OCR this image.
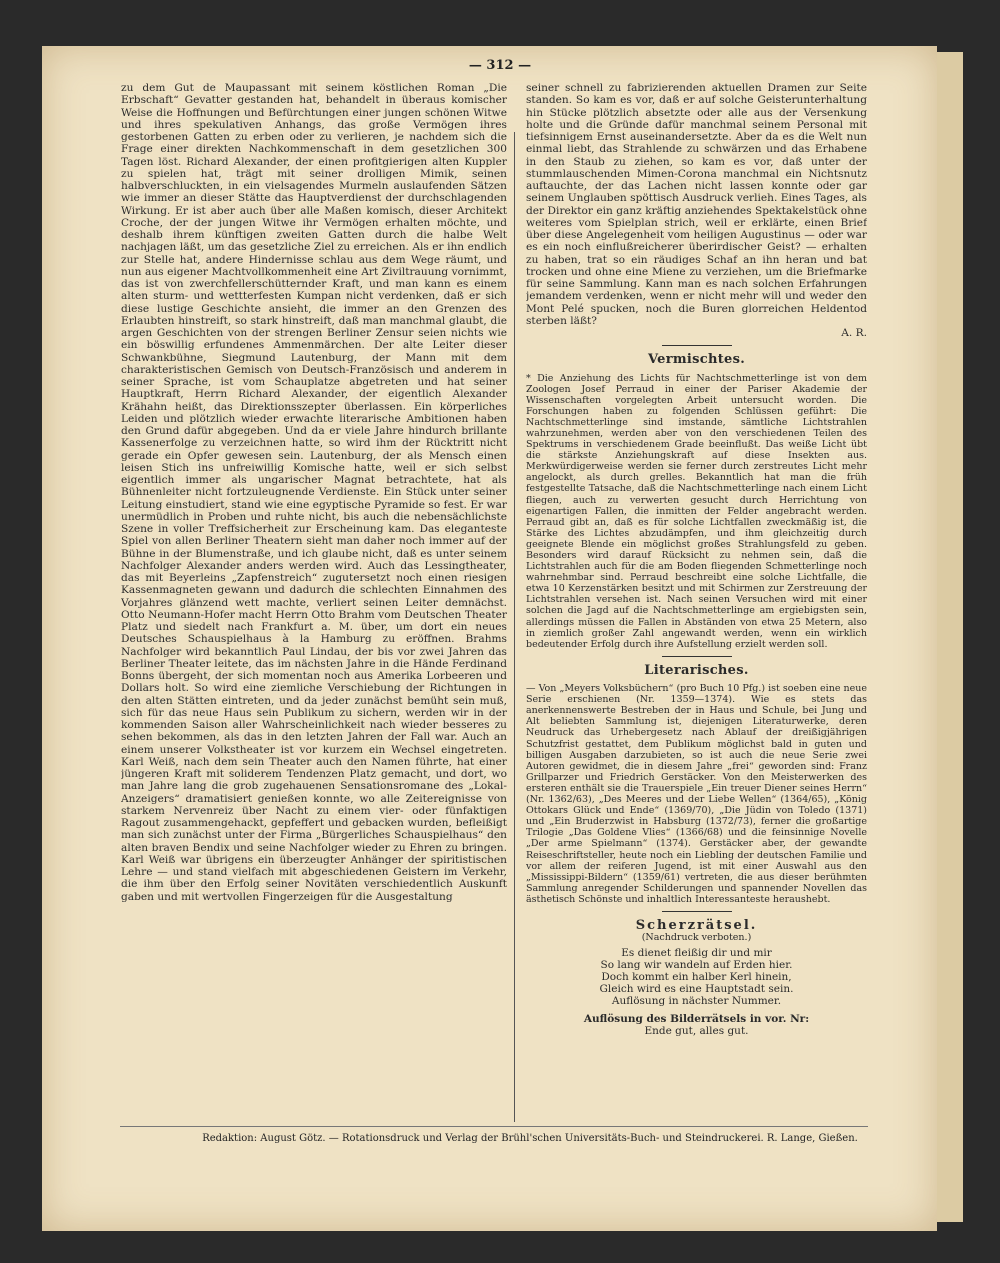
— 312 —

zu dem Gut de Maupassant mit seinem köstlichen Roman „Die Erbschaft“ Gevatter gestanden hat, behandelt in überaus komischer Weise die Hoffnungen und Befürchtungen einer jungen schönen Witwe und ihres spekulativen Anhangs, das große Vermögen ihres gestorbenen Gatten zu erben oder zu verlieren, je nachdem sich die Frage einer direkten Nachkommenschaft in dem gesetzlichen 300 Tagen löst. Richard Alexander, der einen profitgierigen alten Kuppler zu spielen hat, trägt mit seiner drolligen Mimik, seinen halbverschluckten, in ein vielsagendes Murmeln auslaufenden Sätzen wie immer an dieser Stätte das Hauptverdienst der durchschlagenden Wirkung. Er ist aber auch über alle Maßen komisch, dieser Architekt Croche, der der jungen Witwe ihr Vermögen erhalten möchte, und deshalb ihrem künftigen zweiten Gatten durch die halbe Welt nachjagen läßt, um das gesetzliche Ziel zu erreichen. Als er ihn endlich zur Stelle hat, andere Hindernisse schlau aus dem Wege räumt, und nun aus eigener Machtvollkommenheit eine Art Ziviltrauung vornimmt, das ist von zwerchfellerschütternder Kraft, und man kann es einem alten sturm- und wettterfesten Kumpan nicht verdenken, daß er sich diese lustige Geschichte ansieht, die immer an den Grenzen des Erlaubten hinstreift, so stark hinstreift, daß man manchmal glaubt, die argen Geschichten von der strengen Berliner Zensur seien nichts wie ein böswillig erfundenes Ammenmärchen. Der alte Leiter dieser Schwankbühne, Siegmund Lautenburg, der Mann mit dem charakteristischen Gemisch von Deutsch-Französisch und anderem in seiner Sprache, ist vom Schauplatze abgetreten und hat seiner Hauptkraft, Herrn Richard Alexander, der eigentlich Alexander Krähahn heißt, das Direktionsszepter überlassen. Ein körperliches Leiden und plötzlich wieder erwachte literarische Ambitionen haben den Grund dafür abgegeben. Und da er viele Jahre hindurch brillante Kassenerfolge zu verzeichnen hatte, so wird ihm der Rücktritt nicht gerade ein Opfer gewesen sein. Lautenburg, der als Mensch einen leisen Stich ins unfreiwillig Komische hatte, weil er sich selbst eigentlich immer als ungarischer Magnat betrachtete, hat als Bühnenleiter nicht fortzuleugnende Verdienste. Ein Stück unter seiner Leitung einstudiert, stand wie eine egyptische Pyramide so fest. Er war unermüdlich in Proben und ruhte nicht, bis auch die nebensächlichste Szene in voller Treffsicherheit zur Erscheinung kam. Das eleganteste Spiel von allen Berliner Theatern sieht man daher noch immer auf der Bühne in der Blumenstraße, und ich glaube nicht, daß es unter seinem Nachfolger Alexander anders werden wird. Auch das Lessingtheater, das mit Beyerleins „Zapfenstreich“ zugutersetzt noch einen riesigen Kassenmagneten gewann und dadurch die schlechten Einnahmen des Vorjahres glänzend wett machte, verliert seinen Leiter demnächst. Otto Neumann-Hofer macht Herrn Otto Brahm vom Deutschen Theater Platz und siedelt nach Frankfurt a. M. über, um dort ein neues Deutsches Schauspielhaus à la Hamburg zu eröffnen. Brahms Nachfolger wird bekanntlich Paul Lindau, der bis vor zwei Jahren das Berliner Theater leitete, das im nächsten Jahre in die Hände Ferdinand Bonns übergeht, der sich momentan noch aus Amerika Lorbeeren und Dollars holt. So wird eine ziemliche Verschiebung der Richtungen in den alten Stätten eintreten, und da jeder zunächst bemüht sein muß, sich für das neue Haus sein Publikum zu sichern, werden wir in der kommenden Saison aller Wahrscheinlichkeit nach wieder besseres zu sehen bekommen, als das in den letzten Jahren der Fall war. Auch an einem unserer Volkstheater ist vor kurzem ein Wechsel eingetreten. Karl Weiß, nach dem sein Theater auch den Namen führte, hat einer jüngeren Kraft mit soliderem Tendenzen Platz gemacht, und dort, wo man Jahre lang die grob zugehauenen Sensationsromane des „Lokal-Anzeigers“ dramatisiert genießen konnte, wo alle Zeitereignisse von starkem Nervenreiz über Nacht zu einem vier- oder fünfaktigen Ragout zusammengehackt, gepfeffert und gebacken wurden, befleißigt man sich zunächst unter der Firma „Bürgerliches Schauspielhaus“ den alten braven Bendix und seine Nachfolger wieder zu Ehren zu bringen. Karl Weiß war übrigens ein überzeugter Anhänger der spiritistischen Lehre — und stand vielfach mit abgeschiedenen Geistern im Verkehr, die ihm über den Erfolg seiner Novitäten verschiedentlich Auskunft gaben und mit wertvollen Fingerzeigen für die Ausgestaltung

seiner schnell zu fabrizierenden aktuellen Dramen zur Seite standen. So kam es vor, daß er auf solche Geisterunterhaltung hin Stücke plötzlich absetzte oder alle aus der Versenkung holte und die Gründe dafür manchmal seinem Personal mit tiefsinnigem Ernst auseinandersetzte. Aber da es die Welt nun einmal liebt, das Strahlende zu schwärzen und das Erhabene in den Staub zu ziehen, so kam es vor, daß unter der stummlauschenden Mimen-Corona manchmal ein Nichtsnutz auftauchte, der das Lachen nicht lassen konnte oder gar seinem Unglauben spöttisch Ausdruck verlieh. Eines Tages, als der Direktor ein ganz kräftig anziehendes Spektakelstück ohne weiteres vom Spielplan strich, weil er erklärte, einen Brief über diese Angelegenheit vom heiligen Augustinus — oder war es ein noch einflußreicherer überirdischer Geist? — erhalten zu haben, trat so ein räudiges Schaf an ihn heran und bat trocken und ohne eine Miene zu verziehen, um die Briefmarke für seine Sammlung. Kann man es nach solchen Erfahrungen jemandem verdenken, wenn er nicht mehr will und weder den Mont Pelé spucken, noch die Buren glorreichen Heldentod sterben läßt?

A. R.

Vermischtes.

* Die Anziehung des Lichts für Nachtschmetterlinge ist von dem Zoologen Josef Perraud in einer der Pariser Akademie der Wissenschaften vorgelegten Arbeit untersucht worden. Die Forschungen haben zu folgenden Schlüssen geführt: Die Nachtschmetterlinge sind imstande, sämtliche Lichtstrahlen wahrzunehmen, werden aber von den verschiedenen Teilen des Spektrums in verschiedenem Grade beeinflußt. Das weiße Licht übt die stärkste Anziehungskraft auf diese Insekten aus. Merkwürdigerweise werden sie ferner durch zerstreutes Licht mehr angelockt, als durch grelles. Bekanntlich hat man die früh festgestellte Tatsache, daß die Nachtschmetterlinge nach einem Licht fliegen, auch zu verwerten gesucht durch Herrichtung von eigenartigen Fallen, die inmitten der Felder angebracht werden. Perraud gibt an, daß es für solche Lichtfallen zweckmäßig ist, die Stärke des Lichtes abzudämpfen, und ihm gleichzeitig durch geeignete Blende ein möglichst großes Strahlungsfeld zu geben. Besonders wird darauf Rücksicht zu nehmen sein, daß die Lichtstrahlen auch für die am Boden fliegenden Schmetterlinge noch wahrnehmbar sind. Perraud beschreibt eine solche Lichtfalle, die etwa 10 Kerzenstärken besitzt und mit Schirmen zur Zerstreuung der Lichtstrahlen versehen ist. Nach seinen Versuchen wird mit einer solchen die Jagd auf die Nachtschmetterlinge am ergiebigsten sein, allerdings müssen die Fallen in Abständen von etwa 25 Metern, also in ziemlich großer Zahl angewandt werden, wenn ein wirklich bedeutender Erfolg durch ihre Aufstellung erzielt werden soll.

Literarisches.

— Von „Meyers Volksbüchern“ (pro Buch 10 Pfg.) ist soeben eine neue Serie erschienen (Nr. 1359—1374). Wie es stets das anerkennenswerte Bestreben der in Haus und Schule, bei Jung und Alt beliebten Sammlung ist, diejenigen Literaturwerke, deren Neudruck das Urhebergesetz nach Ablauf der dreißigjährigen Schutzfrist gestattet, dem Publikum möglichst bald in guten und billigen Ausgaben darzubieten, so ist auch die neue Serie zwei Autoren gewidmet, die in diesem Jahre „frei“ geworden sind: Franz Grillparzer und Friedrich Gerstäcker. Von den Meisterwerken des ersteren enthält sie die Trauerspiele „Ein treuer Diener seines Herrn“ (Nr. 1362/63), „Des Meeres und der Liebe Wellen“ (1364/65), „König Ottokars Glück und Ende“ (1369/70), „Die Jüdin von Toledo (1371) und „Ein Bruderzwist in Habsburg (1372/73), ferner die großartige Trilogie „Das Goldene Vlies“ (1366/68) und die feinsinnige Novelle „Der arme Spielmann“ (1374). Gerstäcker aber, der gewandte Reiseschriftsteller, heute noch ein Liebling der deutschen Familie und vor allem der reiferen Jugend, ist mit einer Auswahl aus den „Mississippi-Bildern“ (1359/61) vertreten, die aus dieser berühmten Sammlung anregender Schilderungen und spannender Novellen das ästhetisch Schönste und inhaltlich Interessanteste heraushebt.

Scherzrätsel.
(Nachdruck verboten.)
Es dienet fleißig dir und mir
So lang wir wandeln auf Erden hier.
Doch kommt ein halber Kerl hinein,
Gleich wird es eine Hauptstadt sein.
Auflösung in nächster Nummer.
Auflösung des Bilderrätsels in vor. Nr:
Ende gut, alles gut.
Redaktion: August Götz. — Rotationsdruck und Verlag der Brühl'schen Universitäts-Buch- und Steindruckerei. R. Lange, Gießen.
